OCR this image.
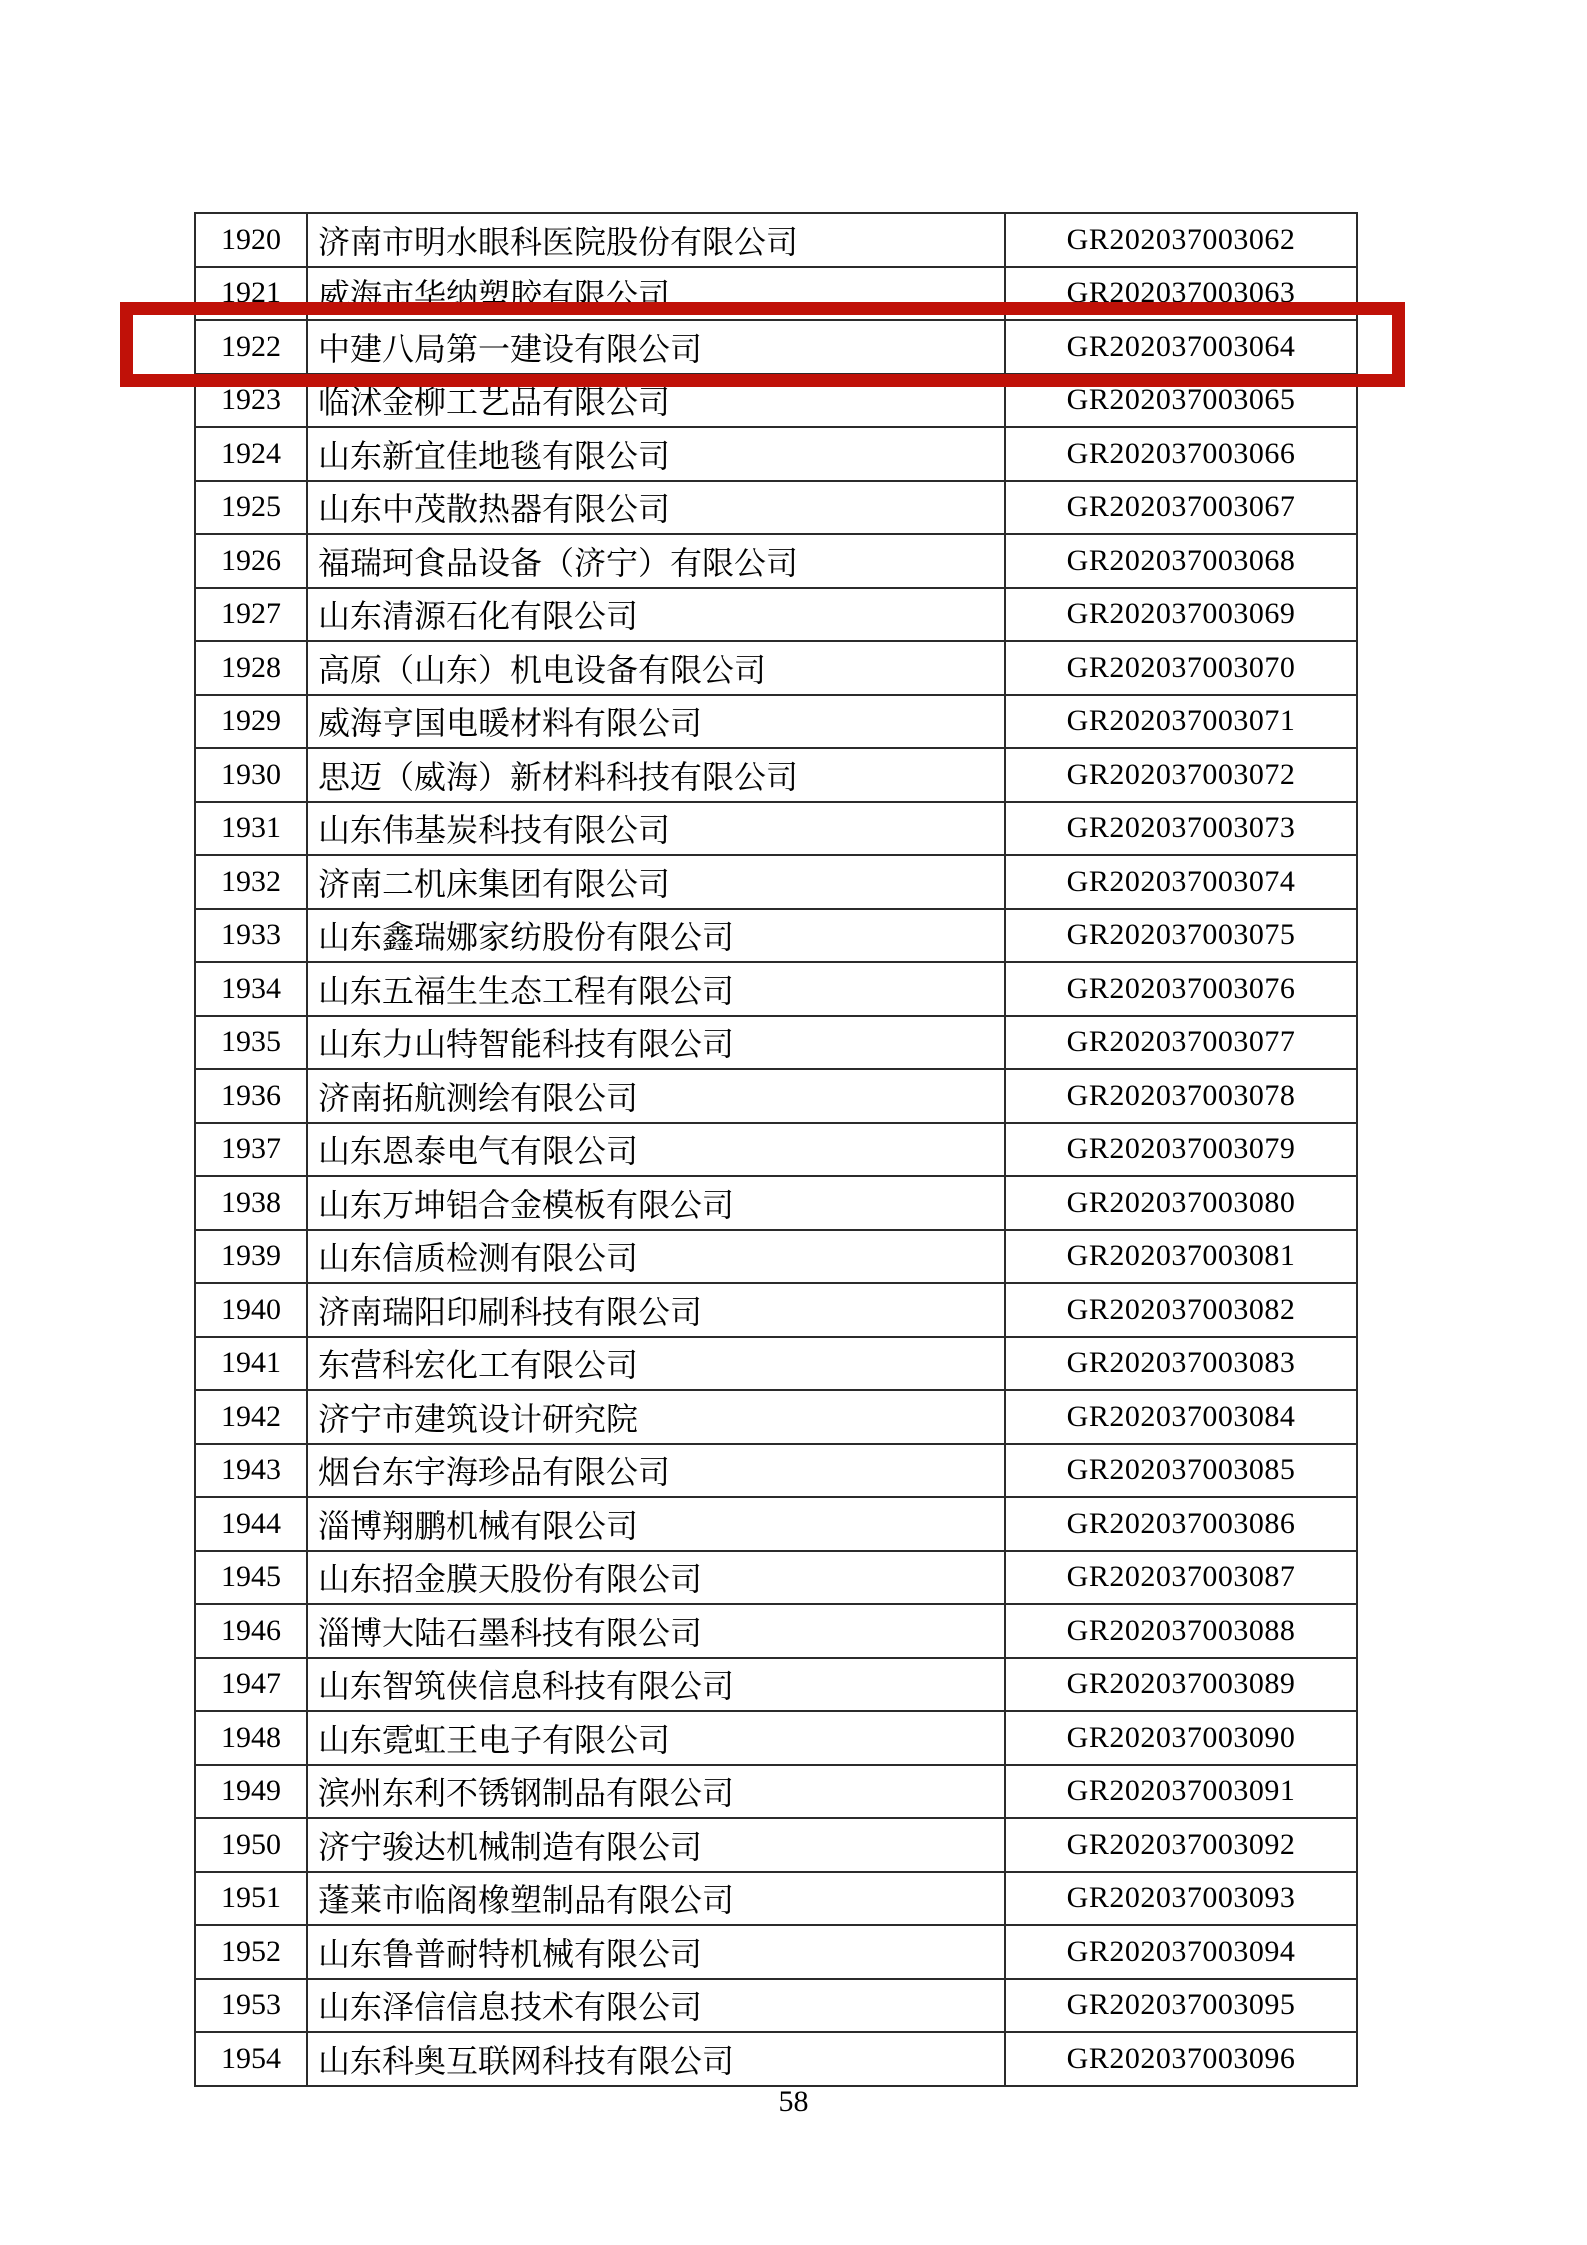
1920	济南市明水眼科医院股份有限公司	GR202037003062
1921	威海市华纳塑胶有限公司	GR202037003063
1922	中建八局第一建设有限公司	GR202037003064
1923	临沭金柳工艺品有限公司	GR202037003065
1924	山东新宜佳地毯有限公司	GR202037003066
1925	山东中茂散热器有限公司	GR202037003067
1926	福瑞珂食品设备（济宁）有限公司	GR202037003068
1927	山东清源石化有限公司	GR202037003069
1928	高原（山东）机电设备有限公司	GR202037003070
1929	威海亨国电暖材料有限公司	GR202037003071
1930	思迈（威海）新材料科技有限公司	GR202037003072
1931	山东伟基炭科技有限公司	GR202037003073
1932	济南二机床集团有限公司	GR202037003074
1933	山东鑫瑞娜家纺股份有限公司	GR202037003075
1934	山东五福生生态工程有限公司	GR202037003076
1935	山东力山特智能科技有限公司	GR202037003077
1936	济南拓航测绘有限公司	GR202037003078
1937	山东恩泰电气有限公司	GR202037003079
1938	山东万坤铝合金模板有限公司	GR202037003080
1939	山东信质检测有限公司	GR202037003081
1940	济南瑞阳印刷科技有限公司	GR202037003082
1941	东营科宏化工有限公司	GR202037003083
1942	济宁市建筑设计研究院	GR202037003084
1943	烟台东宇海珍品有限公司	GR202037003085
1944	淄博翔鹏机械有限公司	GR202037003086
1945	山东招金膜天股份有限公司	GR202037003087
1946	淄博大陆石墨科技有限公司	GR202037003088
1947	山东智筑侠信息科技有限公司	GR202037003089
1948	山东霓虹王电子有限公司	GR202037003090
1949	滨州东利不锈钢制品有限公司	GR202037003091
1950	济宁骏达机械制造有限公司	GR202037003092
1951	蓬莱市临阁橡塑制品有限公司	GR202037003093
1952	山东鲁普耐特机械有限公司	GR202037003094
1953	山东泽信信息技术有限公司	GR202037003095
1954	山东科奥互联网科技有限公司	GR202037003096
58
